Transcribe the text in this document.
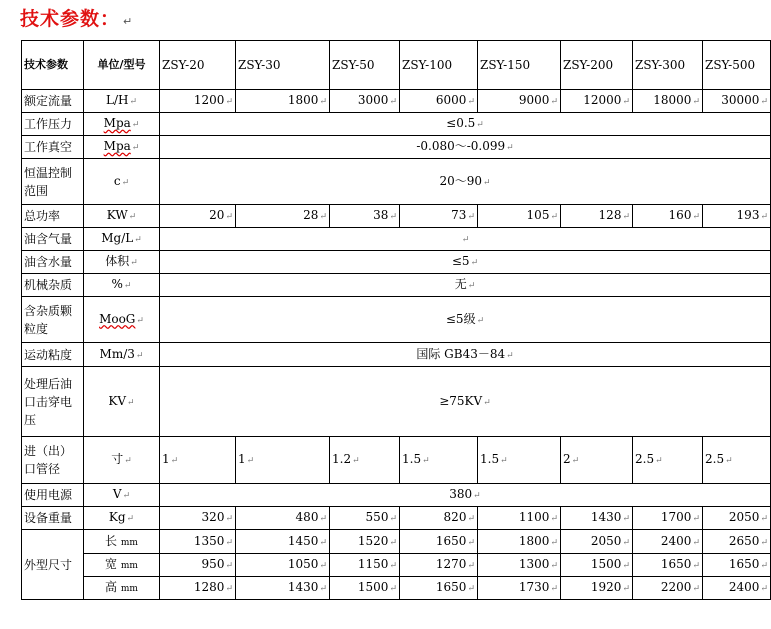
技术参数： ↵
技术参数	单位/型号	ZSY-20	ZSY-30	ZSY-50	ZSY-100	ZSY-150	ZSY-200	ZSY-300	ZSY-500
额定流量	L/H↵	1200↵	1800↵	3000↵	6000↵	9000↵	12000↵	18000↵	30000↵
工作压力	Mpa↵	≤0.5↵							
工作真空	Mpa↵	-0.080～-0.099↵							
恒温控制范围	c↵	20～90↵							
总功率	KW↵	20↵	28↵	38↵	73↵	105↵	128↵	160↵	193↵
油含气量	Mg/L↵	↵							
油含水量	体积↵	≤5↵							
机械杂质	%↵	无↵							
含杂质颗粒度	MooG↵	≤5级↵							
运动粘度	Mm/3↵	国际 GB43－84↵							
处理后油口击穿电压	KV↵	≥75KV↵							
进（出）口管径	寸↵	1↵	1↵	1.2↵	1.5↵	1.5↵	2↵	2.5↵	2.5↵
使用电源	V↵	380↵							
设备重量	Kg↵	320↵	480↵	550↵	820↵	1100↵	1430↵	1700↵	2050↵
外型尺寸	长 mm	1350↵	1450↵	1520↵	1650↵	1800↵	2050↵	2400↵	2650↵
	宽 mm	950↵	1050↵	1150↵	1270↵	1300↵	1500↵	1650↵	1650↵
	高 mm	1280↵	1430↵	1500↵	1650↵	1730↵	1920↵	2200↵	2400↵
